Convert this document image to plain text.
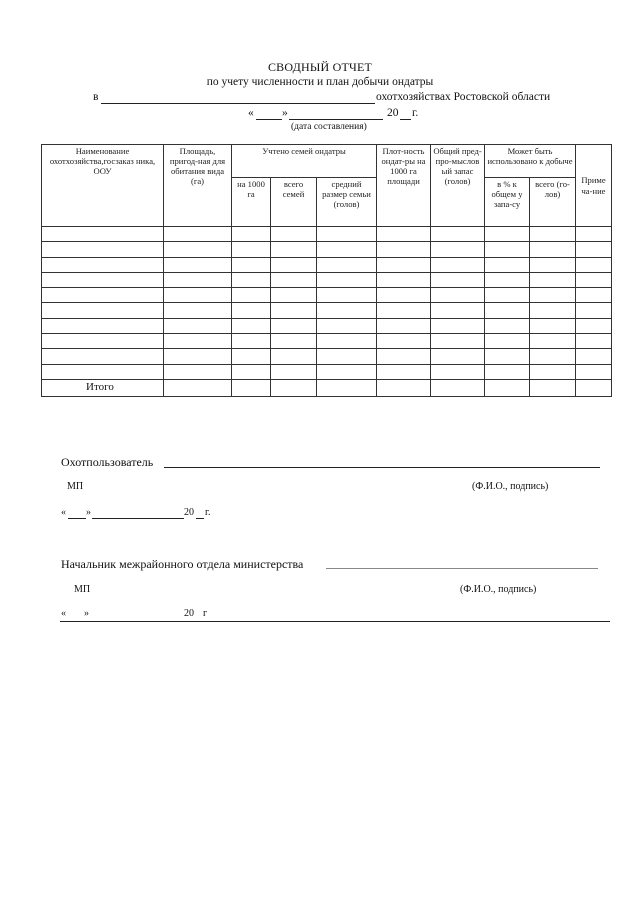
СВОДНЫЙ ОТЧЕТ
по учету численности и план добычи ондатры
в	охотхозяйствах Ростовской области
« »	20 г.
(дата составления)
Наименование охотхозяйства,госзаказ ника, ООУ	Площадь, пригод-ная для обитания вида (га)	Учтено семей ондатры			Плот-ность ондат-ры на 1000 га площади	Общий пред-про-мыслов ый запас (голов)	Может быть использовано к добыче		Приме ча-ние
		на 1000 га	всего семей	средний размер семьи (голов)			в % к общем у запа-су	всего (го-лов)	

Итого									
Охотпользователь
МП	(Ф.И.О., подпись)
« »	20 г.
Начальник межрайонного отдела министерства
МП	(Ф.И.О., подпись)
« »	20 г
